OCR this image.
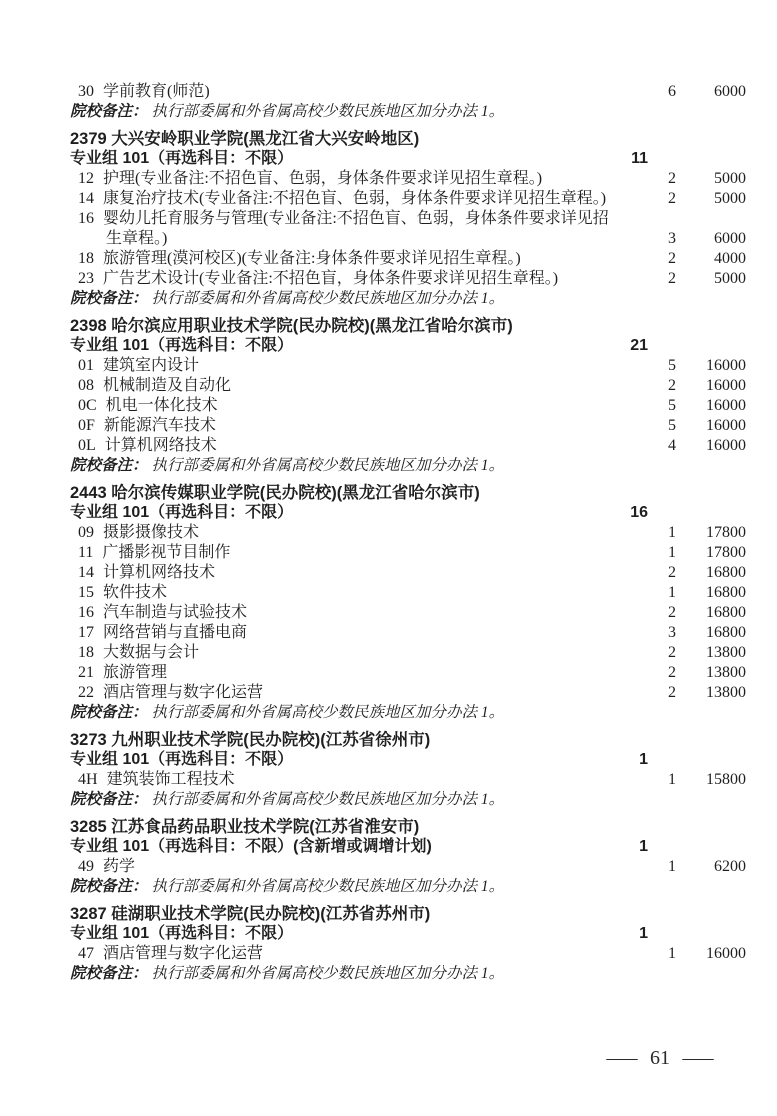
30 学前教育(师范)	6	6000
院校备注： 执行部委属和外省属高校少数民族地区加分办法 1。
2379 大兴安岭职业学院(黑龙江省大兴安岭地区)
专业组 101（再选科目：不限）	11
12 护理(专业备注:不招色盲、色弱，身体条件要求详见招生章程。)	2	5000
14 康复治疗技术(专业备注:不招色盲、色弱，身体条件要求详见招生章程。)	2	5000
16 婴幼儿托育服务与管理(专业备注:不招色盲、色弱，身体条件要求详见招生章程。)	3	6000
18 旅游管理(漠河校区)(专业备注:身体条件要求详见招生章程。)	2	4000
23 广告艺术设计(专业备注:不招色盲，身体条件要求详见招生章程。)	2	5000
院校备注： 执行部委属和外省属高校少数民族地区加分办法 1。
2398 哈尔滨应用职业技术学院(民办院校)(黑龙江省哈尔滨市)
专业组 101（再选科目：不限）	21
01 建筑室内设计	5	16000
08 机械制造及自动化	2	16000
0C 机电一体化技术	5	16000
0F 新能源汽车技术	5	16000
0L 计算机网络技术	4	16000
院校备注： 执行部委属和外省属高校少数民族地区加分办法 1。
2443 哈尔滨传媒职业学院(民办院校)(黑龙江省哈尔滨市)
专业组 101（再选科目：不限）	16
09 摄影摄像技术	1	17800
11 广播影视节目制作	1	17800
14 计算机网络技术	2	16800
15 软件技术	1	16800
16 汽车制造与试验技术	2	16800
17 网络营销与直播电商	3	16800
18 大数据与会计	2	13800
21 旅游管理	2	13800
22 酒店管理与数字化运营	2	13800
院校备注： 执行部委属和外省属高校少数民族地区加分办法 1。
3273 九州职业技术学院(民办院校)(江苏省徐州市)
专业组 101（再选科目：不限）	1
4H 建筑装饰工程技术	1	15800
院校备注： 执行部委属和外省属高校少数民族地区加分办法 1。
3285 江苏食品药品职业技术学院(江苏省淮安市)
专业组 101（再选科目：不限）(含新增或调增计划)	1
49 药学	1	6200
院校备注： 执行部委属和外省属高校少数民族地区加分办法 1。
3287 硅湖职业技术学院(民办院校)(江苏省苏州市)
专业组 101（再选科目：不限）	1
47 酒店管理与数字化运营	1	16000
院校备注： 执行部委属和外省属高校少数民族地区加分办法 1。
— 61 —
